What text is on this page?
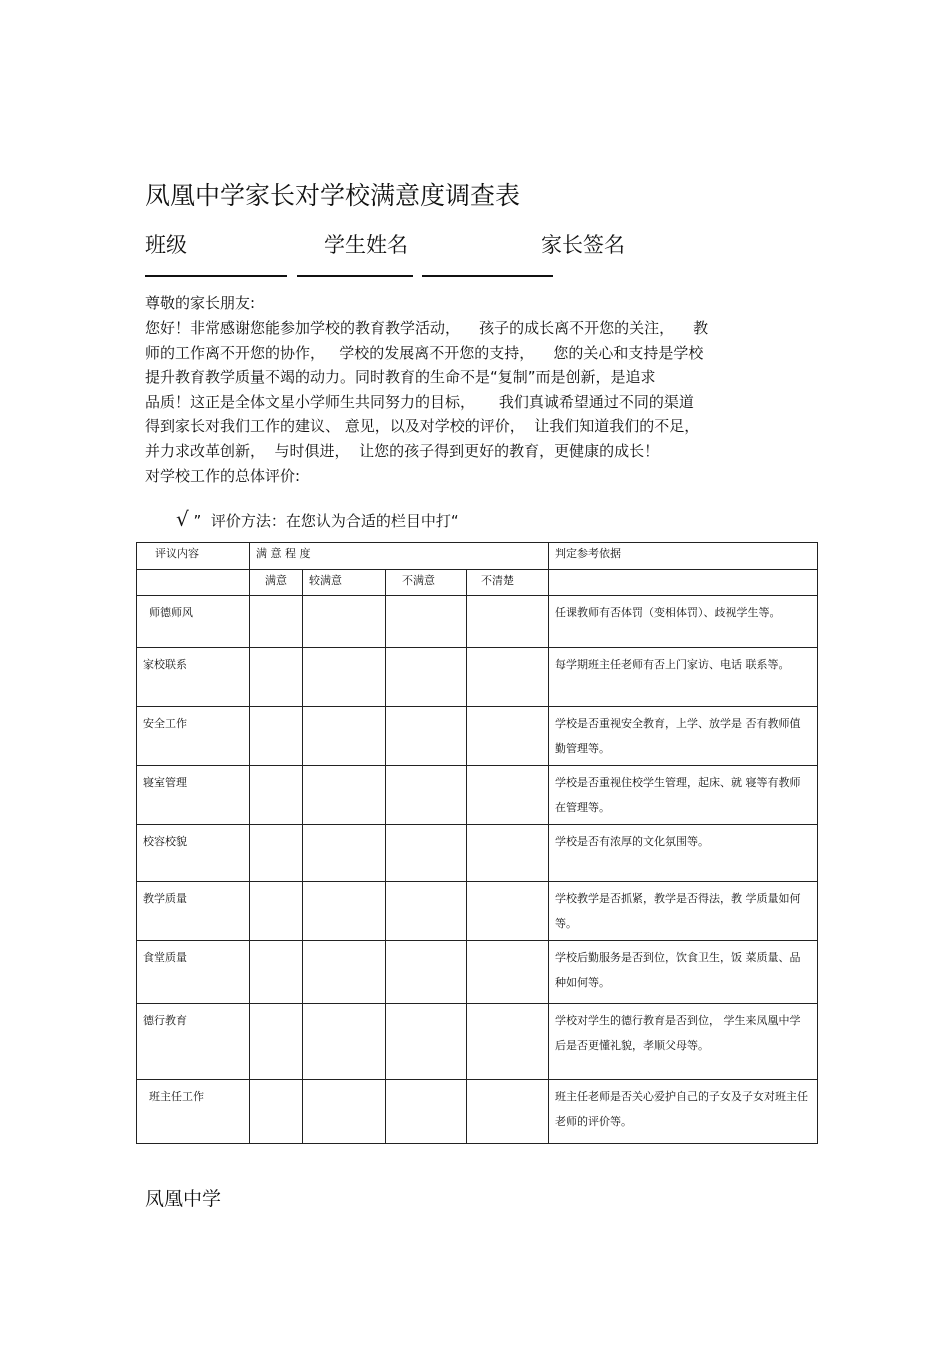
凤凰中学家长对学校满意度调查表
班级	学生姓名	家长签名
尊敬的家长朋友:
您好！非常感谢您能参加学校的教育教学活动，    孩子的成长离不开您的关注，    教
师的工作离不开您的协作，   学校的发展离不开您的支持，    您的关心和支持是学校
提升教育教学质量不竭的动力。同时教育的生命不是“复制”而是创新，是追求
品质！这正是全体文星小学师生共同努力的目标，     我们真诚希望通过不同的渠道
得到家长对我们工作的建议、 意见，以及对学校的评价，  让我们知道我们的不足，
并力求改革创新，  与时俱进，  让您的孩子得到更好的教育，更健康的成长！
对学校工作的总体评价:
√ ”  评价方法：在您认为合适的栏目中打“
评议内容	满 意 程 度				判定参考依据
	满意	较满意	不满意	不清楚	
师德师风					任课教师有否体罚（变相体罚）、歧视学生等。
家校联系					每学期班主任老师有否上门家访、电话 联系等。
安全工作					学校是否重视安全教育，上学、放学是 否有教师值勤管理等。
寝室管理					学校是否重视住校学生管理，起床、就 寝等有教师在管理等。
校容校貌					学校是否有浓厚的文化氛围等。
教学质量					学校教学是否抓紧，教学是否得法，教 学质量如何等。
食堂质量					学校后勤服务是否到位，饮食卫生，饭 菜质量、品种如何等。
德行教育					学校对学生的德行教育是否到位， 学生来凤凰中学后是否更懂礼貌，孝顺父母等。
班主任工作					班主任老师是否关心爱护自己的子女及子女对班主任老师的评价等。
凤凰中学
